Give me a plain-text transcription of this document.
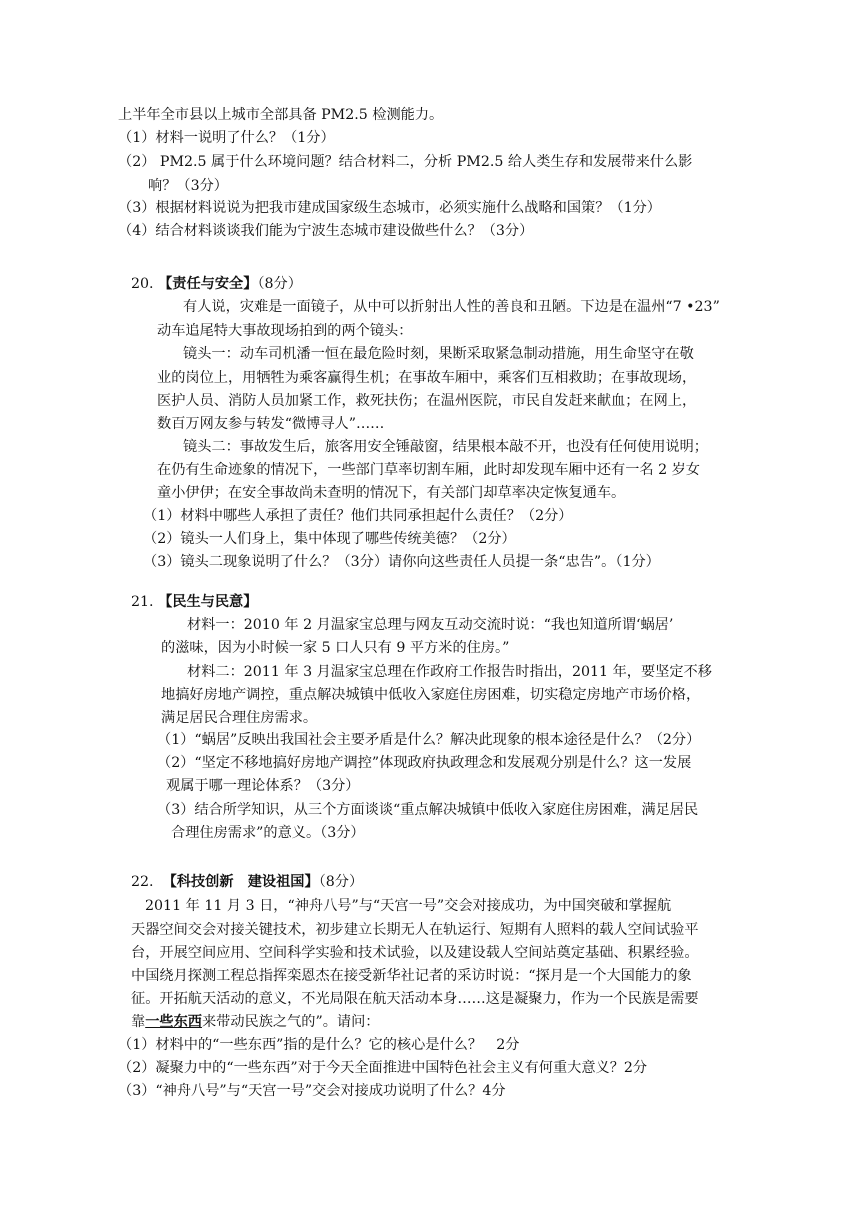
上半年全市县以上城市全部具备 PM2.5 检测能力。
（1）材料一说明了什么？（1分）
（2） PM2.5 属于什么环境问题？结合材料二，分析 PM2.5 给人类生存和发展带来什么影
响？（3分）
（3）根据材料说说为把我市建成国家级生态城市，必须实施什么战略和国策？（1分）
（4）结合材料谈谈我们能为宁波生态城市建设做些什么？（3分）
20. 【责任与安全】（8分）
有人说，灾难是一面镜子，从中可以折射出人性的善良和丑陋。下边是在温州“7 •23”
动车追尾特大事故现场拍到的两个镜头：
镜头一：动车司机潘一恒在最危险时刻，果断采取紧急制动措施，用生命坚守在敬
业的岗位上，用牺牲为乘客赢得生机；在事故车厢中，乘客们互相救助；在事故现场，
医护人员、消防人员加紧工作，救死扶伤；在温州医院，市民自发赶来献血；在网上，
数百万网友参与转发“微博寻人”……
镜头二：事故发生后，旅客用安全锤敲窗，结果根本敲不开，也没有任何使用说明；
在仍有生命迹象的情况下，一些部门草率切割车厢，此时却发现车厢中还有一名 2 岁女
童小伊伊；在安全事故尚未查明的情况下，有关部门却草率决定恢复通车。
（1）材料中哪些人承担了责任？他们共同承担起什么责任？（2分）
（2）镜头一人们身上，集中体现了哪些传统美德？（2分）
（3）镜头二现象说明了什么？（3分）请你向这些责任人员提一条“忠告”。（1分）
21. 【民生与民意】
材料一：2010 年 2 月温家宝总理与网友互动交流时说：“我也知道所谓‘蜗居’
的滋味，因为小时候一家 5 口人只有 9 平方米的住房。”
材料二：2011 年 3 月温家宝总理在作政府工作报告时指出，2011 年，要坚定不移
地搞好房地产调控，重点解决城镇中低收入家庭住房困难，切实稳定房地产市场价格，
满足居民合理住房需求。
（1）“蜗居”反映出我国社会主要矛盾是什么？解决此现象的根本途径是什么？（2分）
（2）“坚定不移地搞好房地产调控”体现政府执政理念和发展观分别是什么？这一发展
观属于哪一理论体系？（3分）
（3）结合所学知识，从三个方面谈谈“重点解决城镇中低收入家庭住房困难，满足居民
合理住房需求”的意义。（3分）
22. 【科技创新　建设祖国】（8分）
2011 年 11 月 3 日，“神舟八号”与“天宫一号”交会对接成功，为中国突破和掌握航
天器空间交会对接关键技术，初步建立长期无人在轨运行、短期有人照料的载人空间试验平
台，开展空间应用、空间科学实验和技术试验，以及建设载人空间站奠定基础、积累经验。
中国绕月探测工程总指挥栾恩杰在接受新华社记者的采访时说：“探月是一个大国能力的象
征。开拓航天活动的意义，不光局限在航天活动本身……这是凝聚力，作为一个民族是需要
靠一些东西来带动民族之气的”。请问：
（1）材料中的“一些东西”指的是什么？它的核心是什么？　2分
（2）凝聚力中的“一些东西”对于今天全面推进中国特色社会主义有何重大意义？2分
（3）“神舟八号”与“天宫一号”交会对接成功说明了什么？4分
